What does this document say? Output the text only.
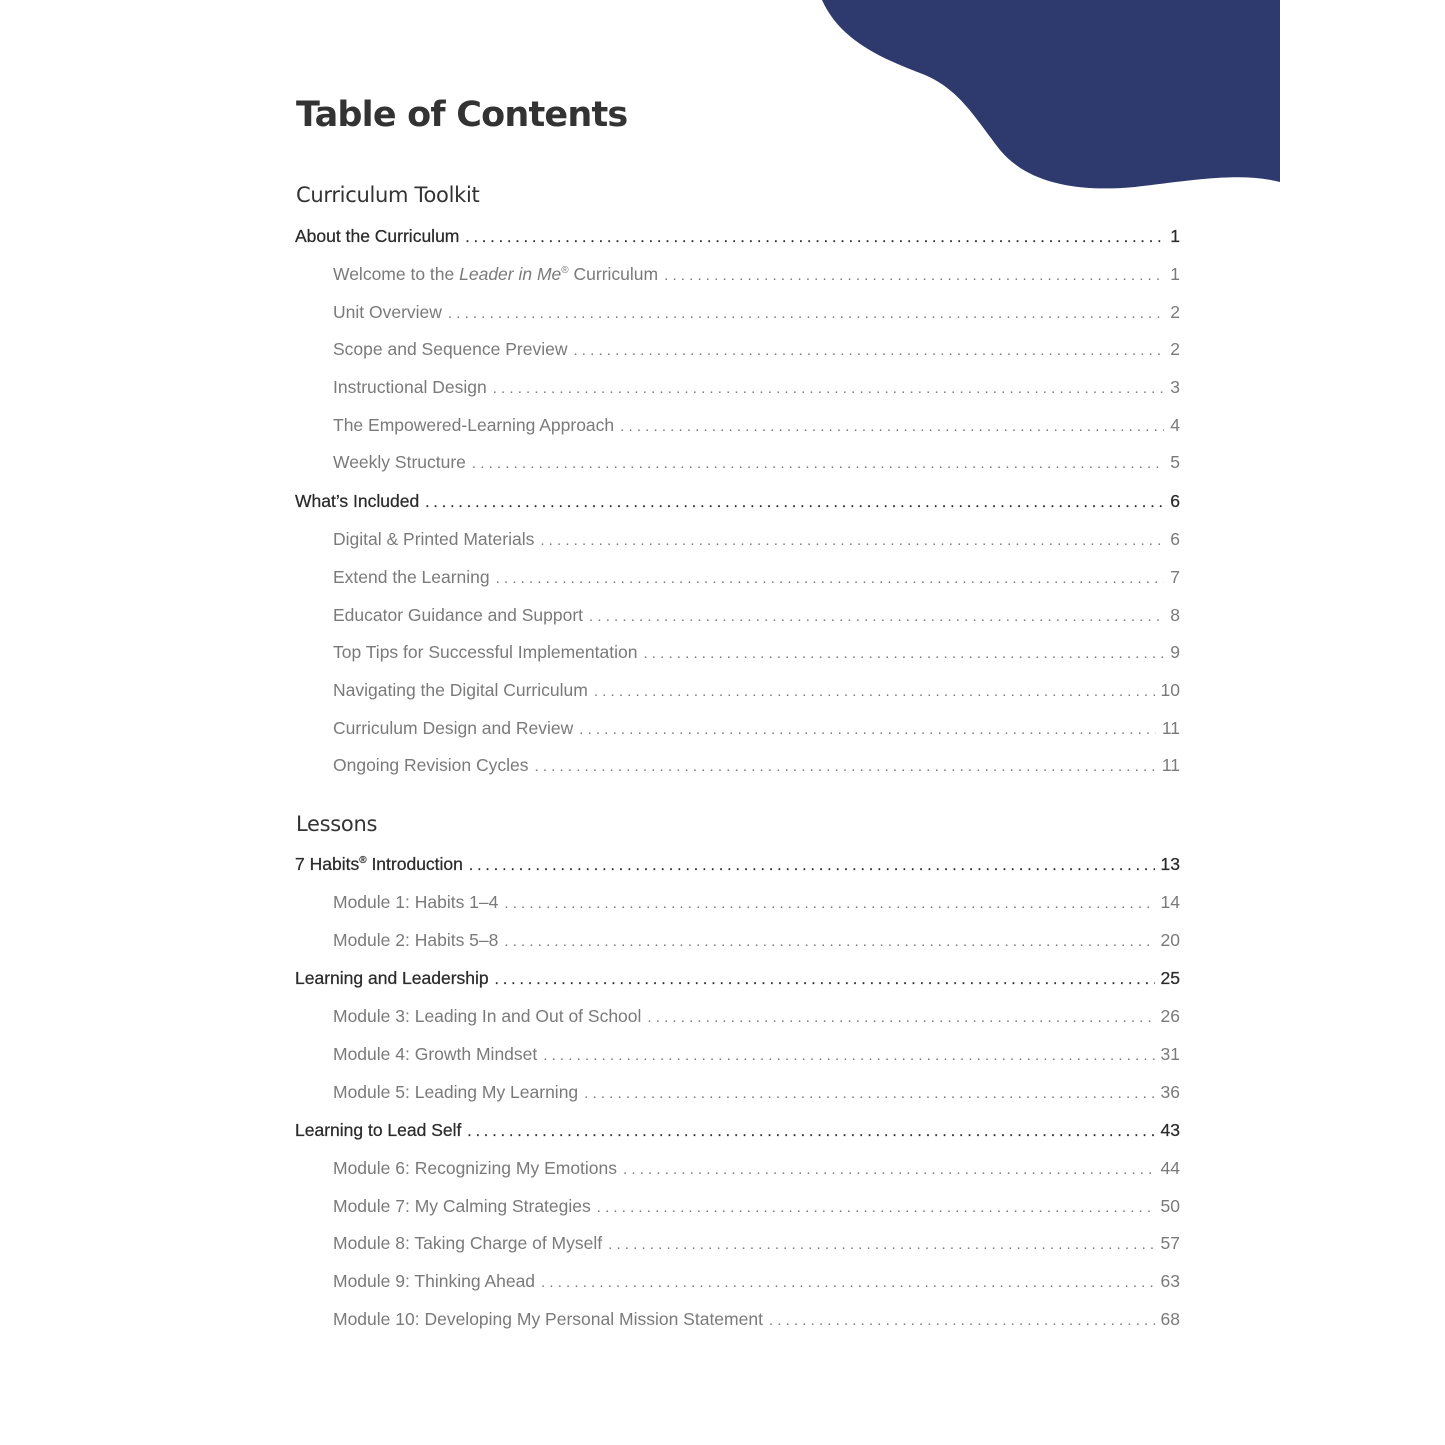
Table of Contents
Curriculum Toolkit
About the Curriculum . . .	1
Welcome to the Leader in Me® Curriculum . . .	1
Unit Overview . . .	2
Scope and Sequence Preview . . .	2
Instructional Design . . .	3
The Empowered-Learning Approach . . .	4
Weekly Structure . . .	5
What’s Included . . .	6
Digital & Printed Materials . . .	6
Extend the Learning . . .	7
Educator Guidance and Support . . .	8
Top Tips for Successful Implementation . . .	9
Navigating the Digital Curriculum . . .	10
Curriculum Design and Review . . .	11
Ongoing Revision Cycles . . .	11
Lessons
7 Habits® Introduction . . .	13
Module 1: Habits 1–4 . . .	14
Module 2: Habits 5–8 . . .	20
Learning and Leadership . . .	25
Module 3: Leading In and Out of School . . .	26
Module 4: Growth Mindset . . .	31
Module 5: Leading My Learning . . .	36
Learning to Lead Self . . .	43
Module 6: Recognizing My Emotions . . .	44
Module 7: My Calming Strategies . . .	50
Module 8: Taking Charge of Myself . . .	57
Module 9: Thinking Ahead . . .	63
Module 10: Developing My Personal Mission Statement . . .	68
